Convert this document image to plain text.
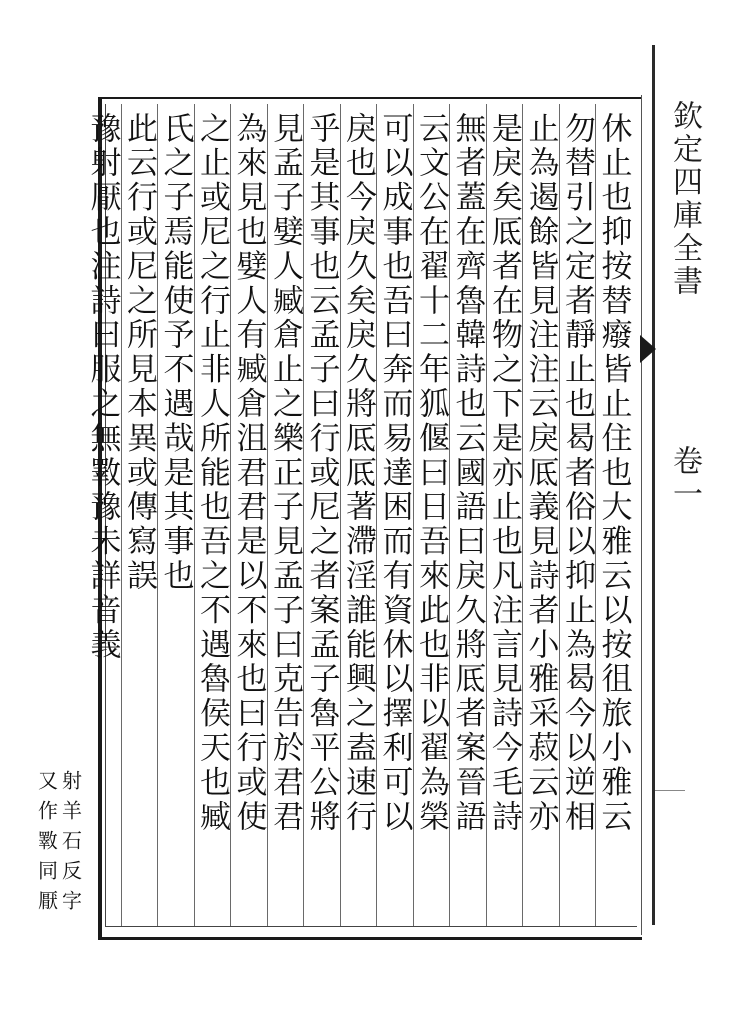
欽定四庫全書
卷一
休止也抑按替癈皆止住也大雅云以按徂旅小雅云
勿替引之定者靜止也曷者俗以抑止為曷今以逆相
止為遏餘皆見注注云戾厎義見詩者小雅采菽云亦
是戾矣厎者在物之下是亦止也凡注言見詩今毛詩
無者蓋在齊魯韓詩也云國語曰戾久將厎者案晉語
云文公在翟十二年狐偃曰日吾來此也非以翟為榮
可以成事也吾曰奔而易達困而有資休以擇利可以
戾也今戾久矣戾久將厎厎著滯淫誰能興之盍速行
乎是其事也云孟子曰行或尼之者案孟子魯平公將
見孟子嬖人臧倉止之樂正子見孟子曰克告於君君
為來見也嬖人有臧倉沮君君是以不來也曰行或使
之止或尼之行止非人所能也吾之不遇魯侯天也臧
氏之子焉能使予不遇哉是其事也
此云行或尼之所見本異或傳寫誤
豫射厭也注詩曰服之無斁豫未詳音義
射羊石反字
又作斁同厭
